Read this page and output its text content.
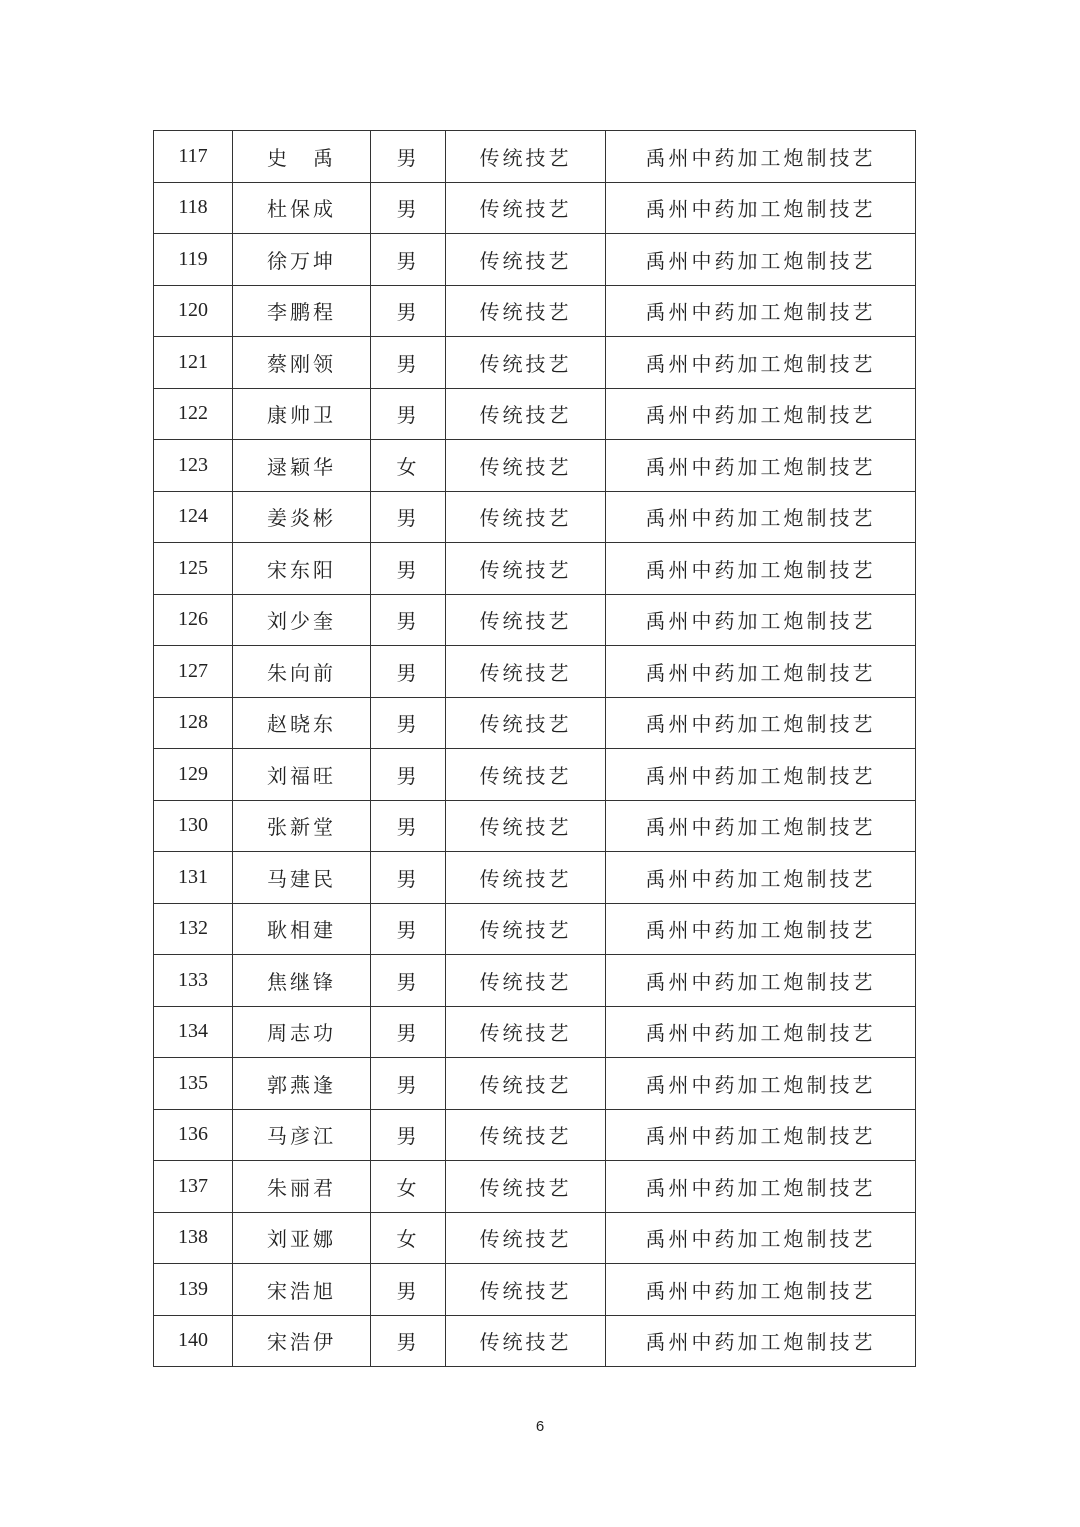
117	史　禹	男	传统技艺	禹州中药加工炮制技艺
118	杜保成	男	传统技艺	禹州中药加工炮制技艺
119	徐万坤	男	传统技艺	禹州中药加工炮制技艺
120	李鹏程	男	传统技艺	禹州中药加工炮制技艺
121	蔡刚领	男	传统技艺	禹州中药加工炮制技艺
122	康帅卫	男	传统技艺	禹州中药加工炮制技艺
123	逯颖华	女	传统技艺	禹州中药加工炮制技艺
124	姜炎彬	男	传统技艺	禹州中药加工炮制技艺
125	宋东阳	男	传统技艺	禹州中药加工炮制技艺
126	刘少奎	男	传统技艺	禹州中药加工炮制技艺
127	朱向前	男	传统技艺	禹州中药加工炮制技艺
128	赵晓东	男	传统技艺	禹州中药加工炮制技艺
129	刘福旺	男	传统技艺	禹州中药加工炮制技艺
130	张新堂	男	传统技艺	禹州中药加工炮制技艺
131	马建民	男	传统技艺	禹州中药加工炮制技艺
132	耿相建	男	传统技艺	禹州中药加工炮制技艺
133	焦继锋	男	传统技艺	禹州中药加工炮制技艺
134	周志功	男	传统技艺	禹州中药加工炮制技艺
135	郭燕逢	男	传统技艺	禹州中药加工炮制技艺
136	马彦江	男	传统技艺	禹州中药加工炮制技艺
137	朱丽君	女	传统技艺	禹州中药加工炮制技艺
138	刘亚娜	女	传统技艺	禹州中药加工炮制技艺
139	宋浩旭	男	传统技艺	禹州中药加工炮制技艺
140	宋浩伊	男	传统技艺	禹州中药加工炮制技艺
6
